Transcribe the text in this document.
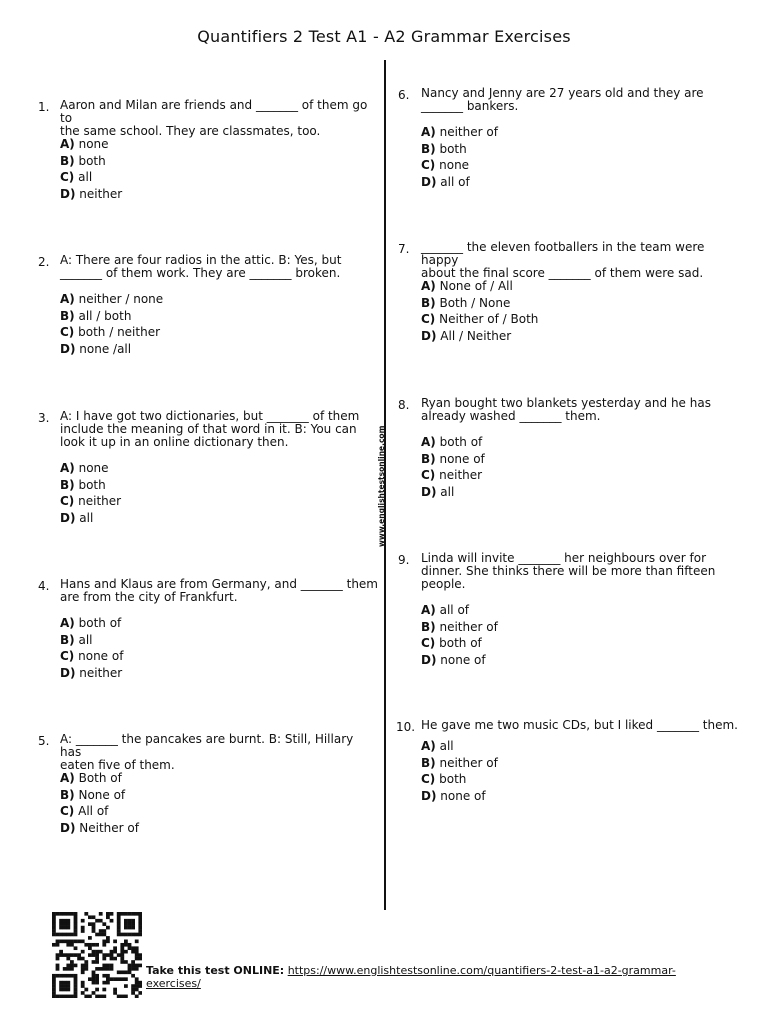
Quantifiers 2 Test A1 - A2 Grammar Exercises
www.englishtestsonline.com
1. Aaron and Milan are friends and _______ of them go to
the same school. They are classmates, too.
A) none
B) both
C) all
D) neither
2. A: There are four radios in the attic. B: Yes, but
_______ of them work. They are _______ broken.
A) neither / none
B) all / both
C) both / neither
D) none /all
3. A: I have got two dictionaries, but _______ of them
include the meaning of that word in it. B: You can
look it up in an online dictionary then.
A) none
B) both
C) neither
D) all
4. Hans and Klaus are from Germany, and _______ them
are from the city of Frankfurt.
A) both of
B) all
C) none of
D) neither
5. A: _______ the pancakes are burnt. B: Still, Hillary has
eaten five of them.
A) Both of
B) None of
C) All of
D) Neither of
6. Nancy and Jenny are 27 years old and they are
_______ bankers.
A) neither of
B) both
C) none
D) all of
7. _______ the eleven footballers in the team were happy
about the final score _______ of them were sad.
A) None of / All
B) Both / None
C) Neither of / Both
D) All / Neither
8. Ryan bought two blankets yesterday and he has
already washed _______ them.
A) both of
B) none of
C) neither
D) all
9. Linda will invite _______ her neighbours over for
dinner. She thinks there will be more than fifteen
people.
A) all of
B) neither of
C) both of
D) none of
10. He gave me two music CDs, but I liked _______ them.
A) all
B) neither of
C) both
D) none of
Take this test ONLINE: https://www.englishtestsonline.com/quantifiers-2-test-a1-a2-grammar-exercises/
